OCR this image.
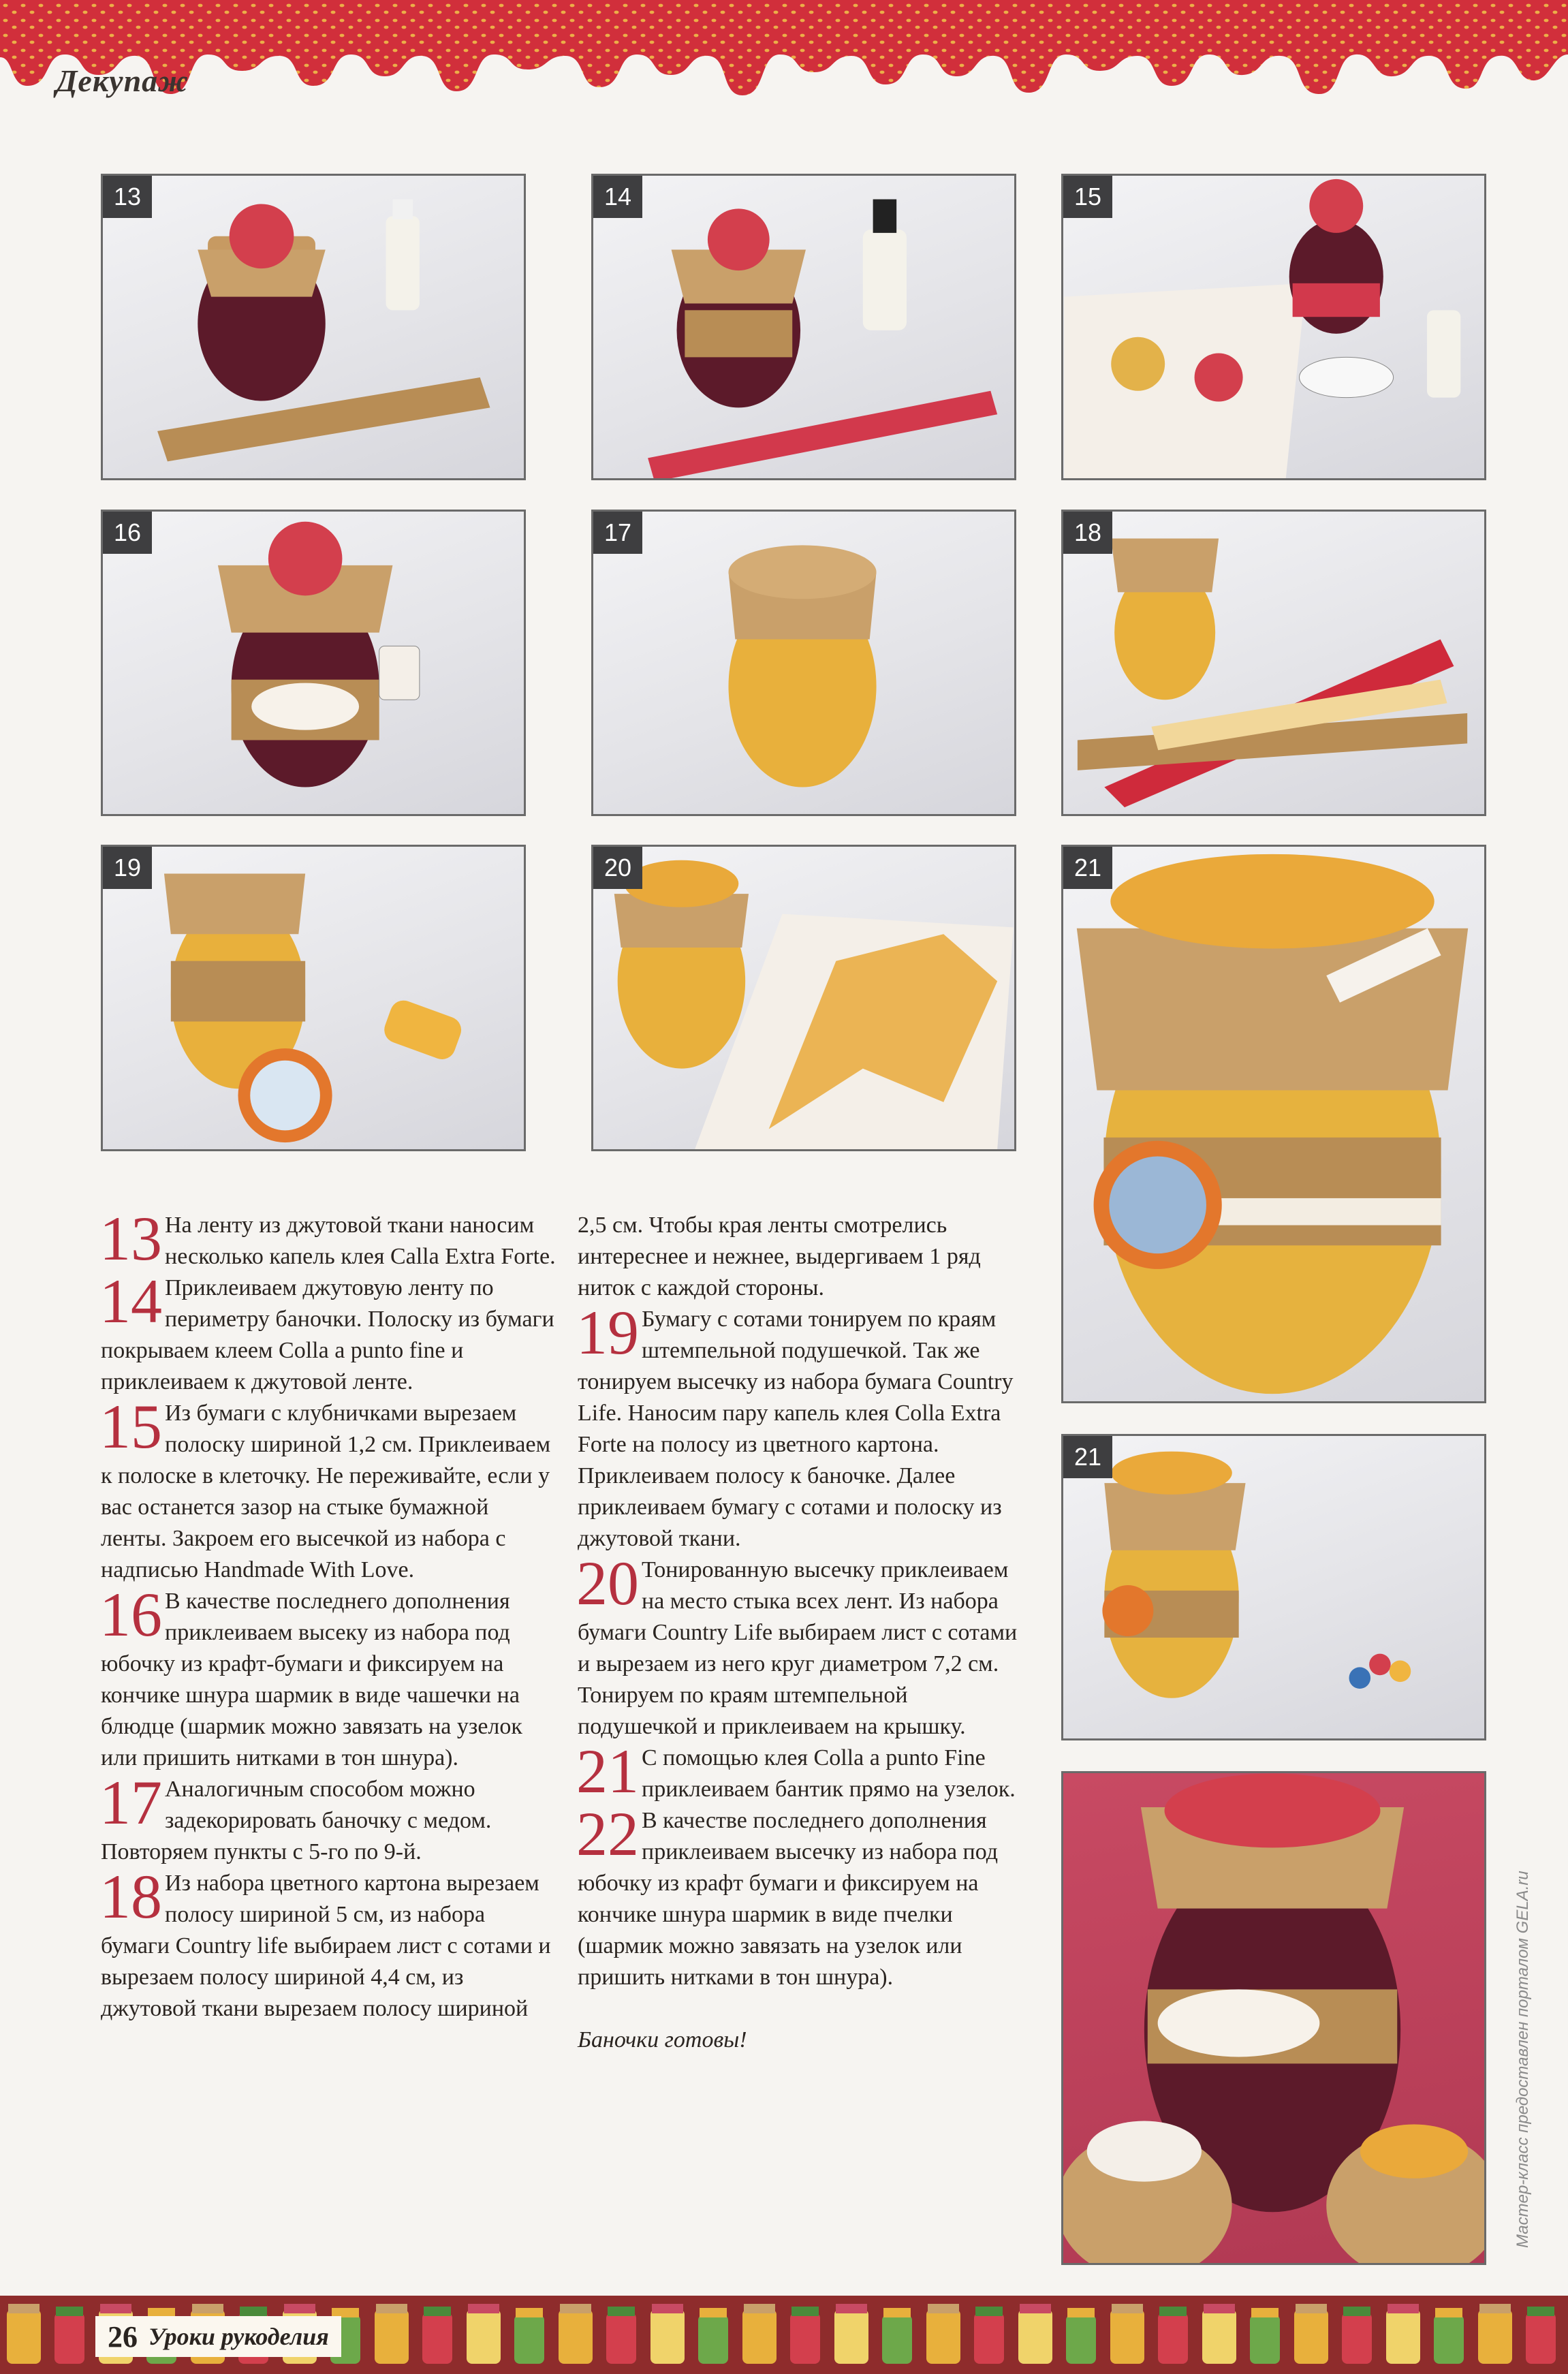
Декупаж
13	14	15
16	17	18
19	20	21
21
13 На ленту из джутовой ткани наносим несколько капель клея Calla Extra Forte.
14 Приклеиваем джутовую ленту по периметру баночки. Полоску из бумаги покрываем клеем Colla a punto fine и приклеиваем к джутовой ленте.
15 Из бумаги с клубничками вырезаем полоску шириной 1,2 см. Приклеиваем к полоске в клеточку. Не переживайте, если у вас останется зазор на стыке бумажной ленты. Закроем его высечкой из набора с надписью Handmade With Love.
16 В качестве последнего дополнения приклеиваем высеку из набора под юбочку из крафт-бумаги и фиксируем на кончике шнура шармик в виде чашечки на блюдце (шармик можно завязать на узелок или пришить нитками в тон шнура).
17 Аналогичным способом можно задекорировать баночку с медом. Повторяем пункты с 5-го по 9-й.
18 Из набора цветного картона вырезаем полосу шириной 5 см, из набора бумаги Country life выбираем лист с сотами и вырезаем полосу шириной 4,4 см, из джутовой ткани вырезаем полосу шириной

2,5 см. Чтобы края ленты смотрелись интереснее и нежнее, выдергиваем 1 ряд ниток с каждой стороны.

19 Бумагу с сотами тонируем по краям штемпельной подушечкой. Так же тонируем высечку из набора бумага Country Life. Наносим пару капель клея Colla Extra Forte на полосу из цветного картона. Приклеиваем полосу к баночке. Далее приклеиваем бумагу с сотами и полоску из джутовой ткани.
20 Тонированную высечку приклеиваем на место стыка всех лент. Из набора бумаги Country Life выбираем лист с сотами и вырезаем из него круг диаметром 7,2 см. Тонируем по краям штемпельной подушечкой и приклеиваем на крышку.
21 С помощью клея Colla a punto Fine приклеиваем бантик прямо на узелок.
22 В качестве последнего дополнения приклеиваем высечку из набора под юбочку из крафт бумаги и фиксируем на кончике шнура шармик в виде пчелки (шармик можно завязать на узелок или пришить нитками в тон шнура).

Баночки готовы!	Мастер-класс предоставлен порталом GELA.ru
26 Уроки рукоделия
